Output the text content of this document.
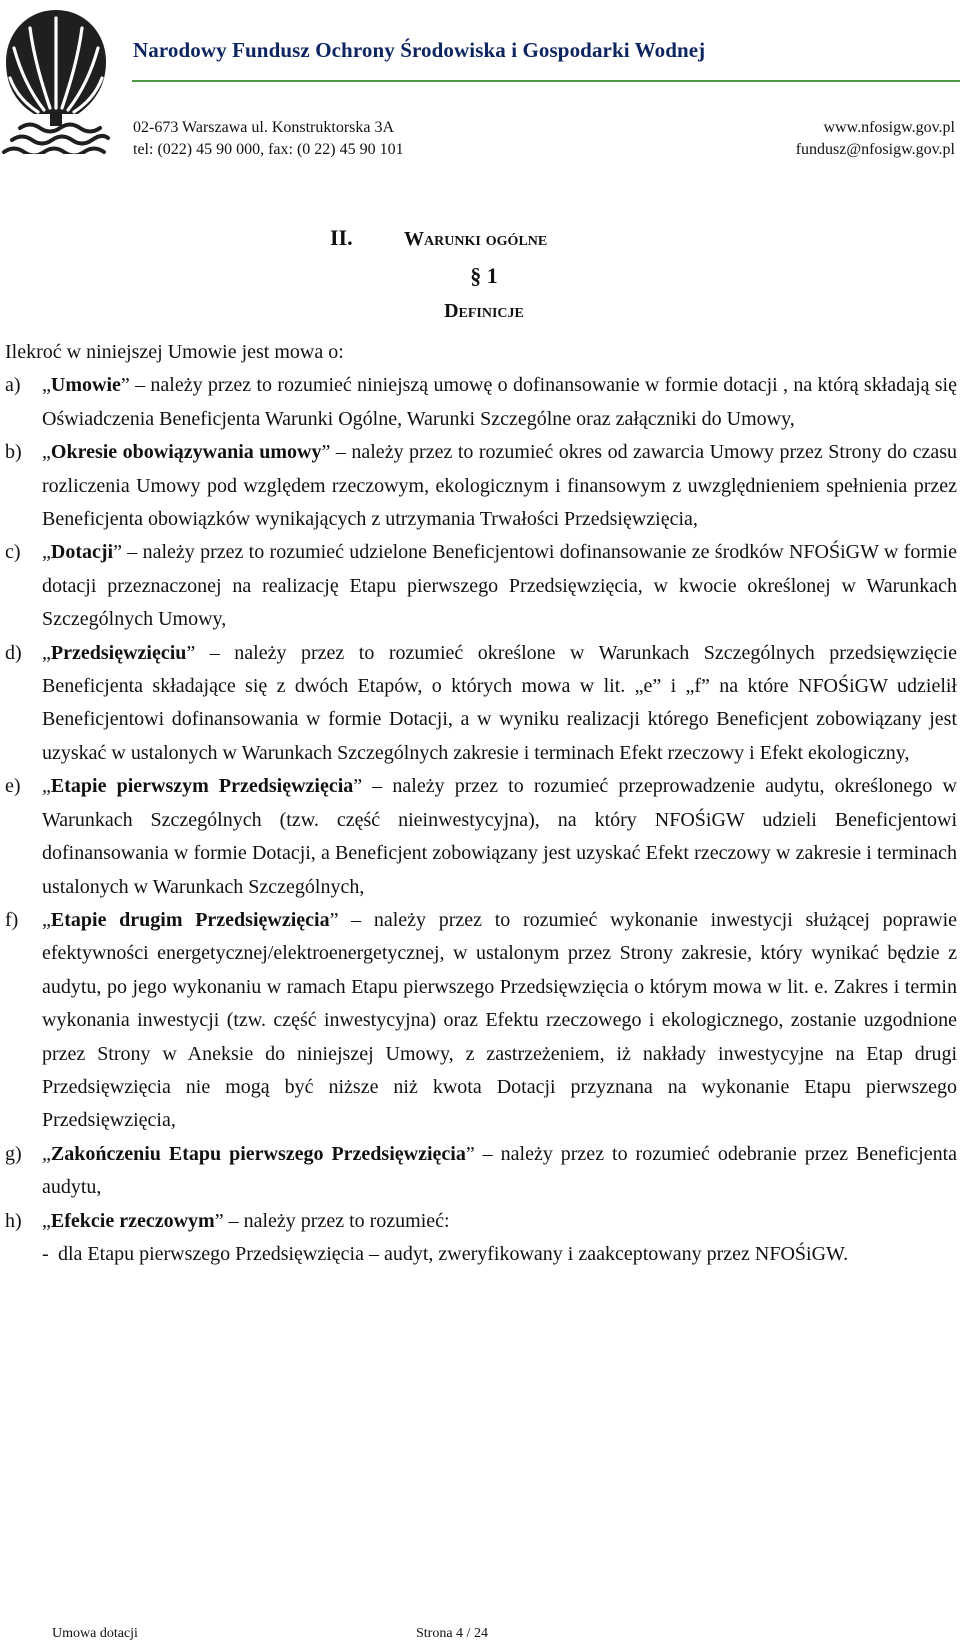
Narodowy Fundusz Ochrony Środowiska i Gospodarki Wodnej
02-673 Warszawa ul. Konstruktorska 3A
tel: (022) 45 90 000, fax: (0 22) 45 90 101
www.nfosigw.gov.pl
fundusz@nfosigw.gov.pl
II.	Warunki ogólne
§ 1
Definicje

Ilekroć w niniejszej Umowie jest mowa o:

a)	„Umowie” – należy przez to rozumieć niniejszą umowę o dofinansowanie w formie dotacji , na którą składają się Oświadczenia Beneficjenta Warunki Ogólne, Warunki Szczególne oraz załączniki do Umowy,
b)	„Okresie obowiązywania umowy” – należy przez to rozumieć okres od zawarcia Umowy przez Strony do czasu rozliczenia Umowy pod względem rzeczowym, ekologicznym i finansowym z uwzględnieniem spełnienia przez Beneficjenta obowiązków wynikających z utrzymania Trwałości Przedsięwzięcia,
c)	„Dotacji” – należy przez to rozumieć udzielone Beneficjentowi dofinansowanie ze środków NFOŚiGW w formie dotacji przeznaczonej na realizację Etapu pierwszego Przedsięwzięcia, w kwocie określonej w Warunkach Szczególnych Umowy,
d)	„Przedsięwzięciu” – należy przez to rozumieć określone w Warunkach Szczególnych przedsięwzięcie Beneficjenta składające się z dwóch Etapów, o których mowa w lit. „e” i „f” na które NFOŚiGW udzielił Beneficjentowi dofinansowania w formie Dotacji, a w wyniku realizacji którego Beneficjent zobowiązany jest uzyskać w ustalonych w Warunkach Szczególnych zakresie i terminach Efekt rzeczowy i Efekt ekologiczny,
e)	„Etapie pierwszym Przedsięwzięcia” – należy przez to rozumieć przeprowadzenie audytu, określonego w Warunkach Szczególnych (tzw. część nieinwestycyjna), na który NFOŚiGW udzieli Beneficjentowi dofinansowania w formie Dotacji, a Beneficjent zobowiązany jest uzyskać Efekt rzeczowy w zakresie i terminach ustalonych w Warunkach Szczególnych,
f)	„Etapie drugim Przedsięwzięcia” – należy przez to rozumieć wykonanie inwestycji służącej poprawie efektywności energetycznej/elektroenergetycznej, w ustalonym przez Strony zakresie, który wynikać będzie z audytu, po jego wykonaniu w ramach Etapu pierwszego Przedsięwzięcia o którym mowa w lit. e. Zakres i termin wykonania inwestycji (tzw. część inwestycyjna) oraz Efektu rzeczowego i ekologicznego, zostanie uzgodnione przez Strony w Aneksie do niniejszej Umowy, z zastrzeżeniem, iż nakłady inwestycyjne na Etap drugi Przedsięwzięcia nie mogą być niższe niż kwota Dotacji przyznana na wykonanie Etapu pierwszego Przedsięwzięcia,
g)	„Zakończeniu Etapu pierwszego Przedsięwzięcia” – należy przez to rozumieć odebranie przez Beneficjenta audytu,
h)	„Efekcie rzeczowym” – należy przez to rozumieć:
- dla Etapu pierwszego Przedsięwzięcia – audyt, zweryfikowany i zaakceptowany przez NFOŚiGW.
Umowa dotacji	Strona 4 / 24
